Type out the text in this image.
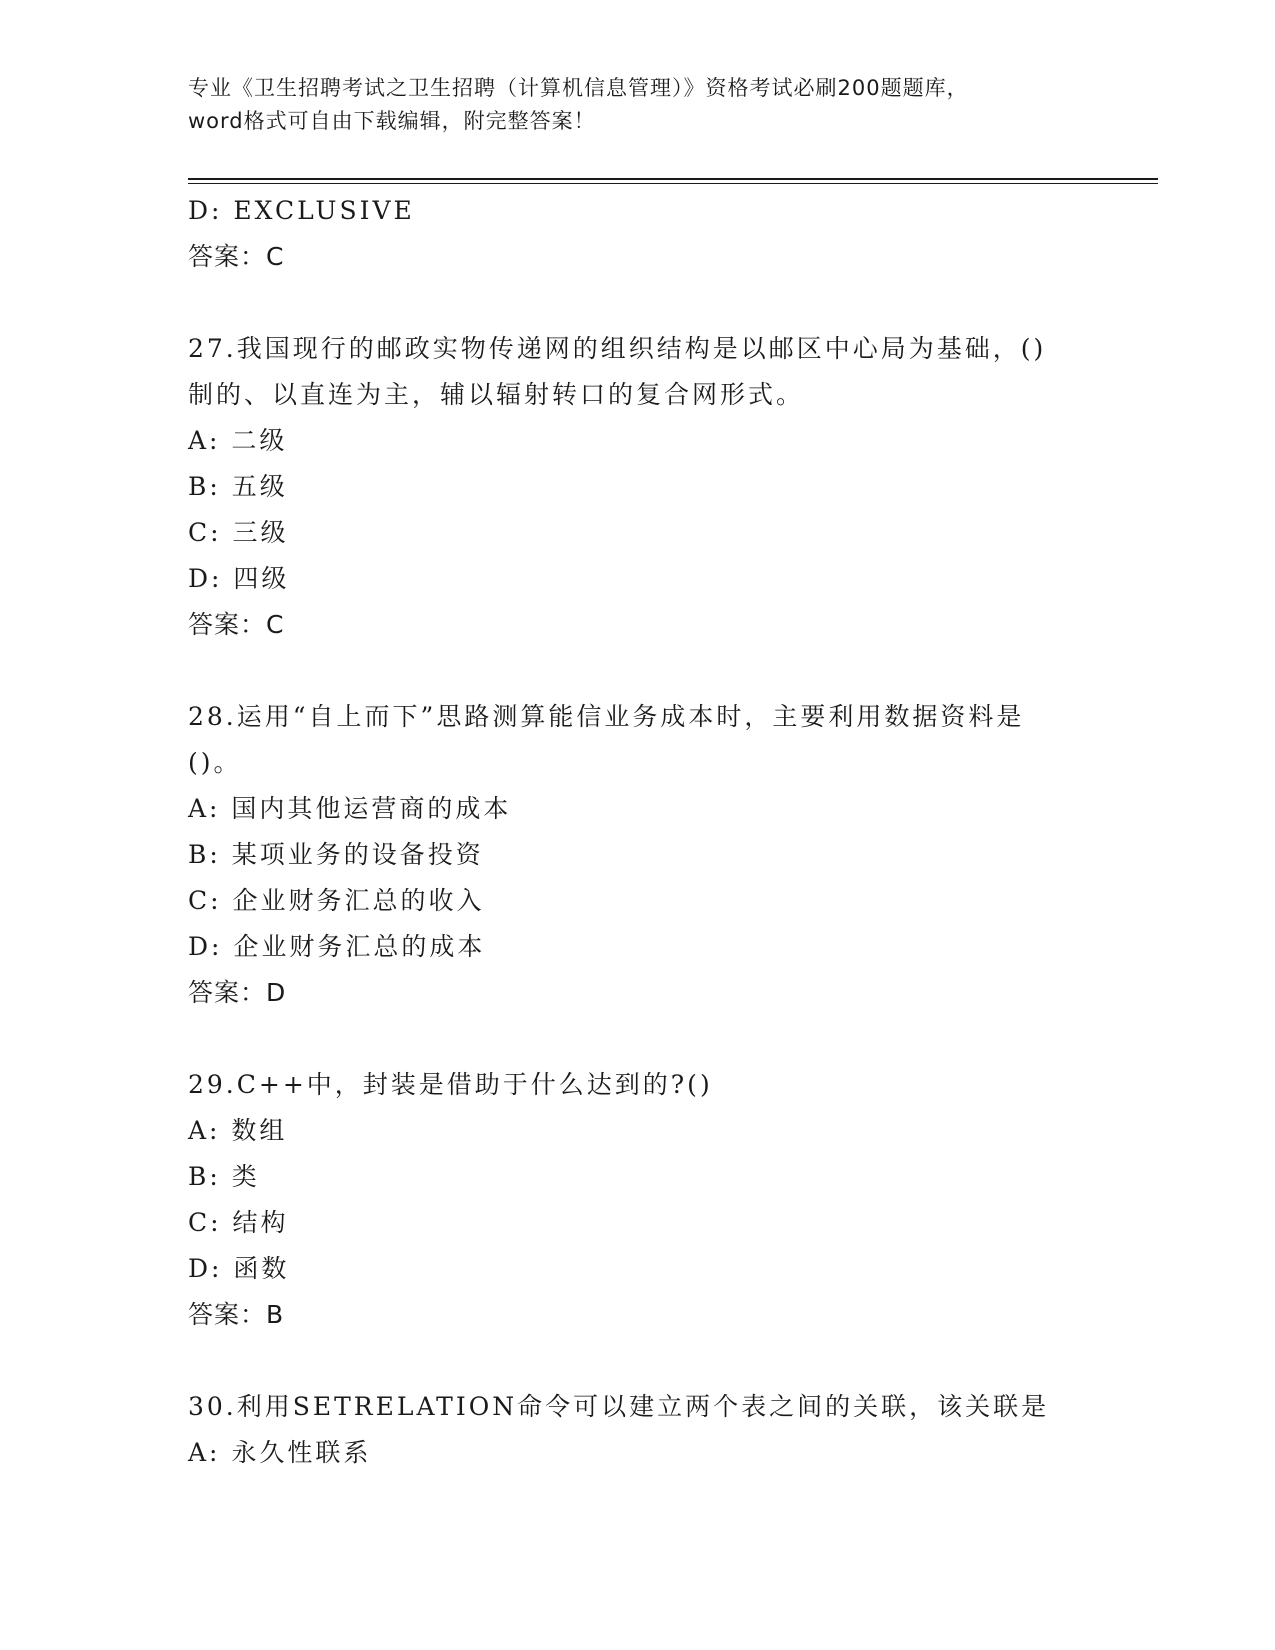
专业《卫生招聘考试之卫生招聘（计算机信息管理）》资格考试必刷200题题库，
word格式可自由下载编辑，附完整答案！
D: EXCLUSIVE
答案：C
27.我国现行的邮政实物传递网的组织结构是以邮区中心局为基础，()
制的、以直连为主，辅以辐射转口的复合网形式。
A: 二级
B: 五级
C: 三级
D: 四级
答案：C
28.运用“自上而下”思路测算能信业务成本时，主要利用数据资料是
()。
A: 国内其他运营商的成本
B: 某项业务的设备投资
C: 企业财务汇总的收入
D: 企业财务汇总的成本
答案：D
29.C++中，封装是借助于什么达到的?()
A: 数组
B: 类
C: 结构
D: 函数
答案：B
30.利用SETRELATION命令可以建立两个表之间的关联，该关联是
A: 永久性联系
